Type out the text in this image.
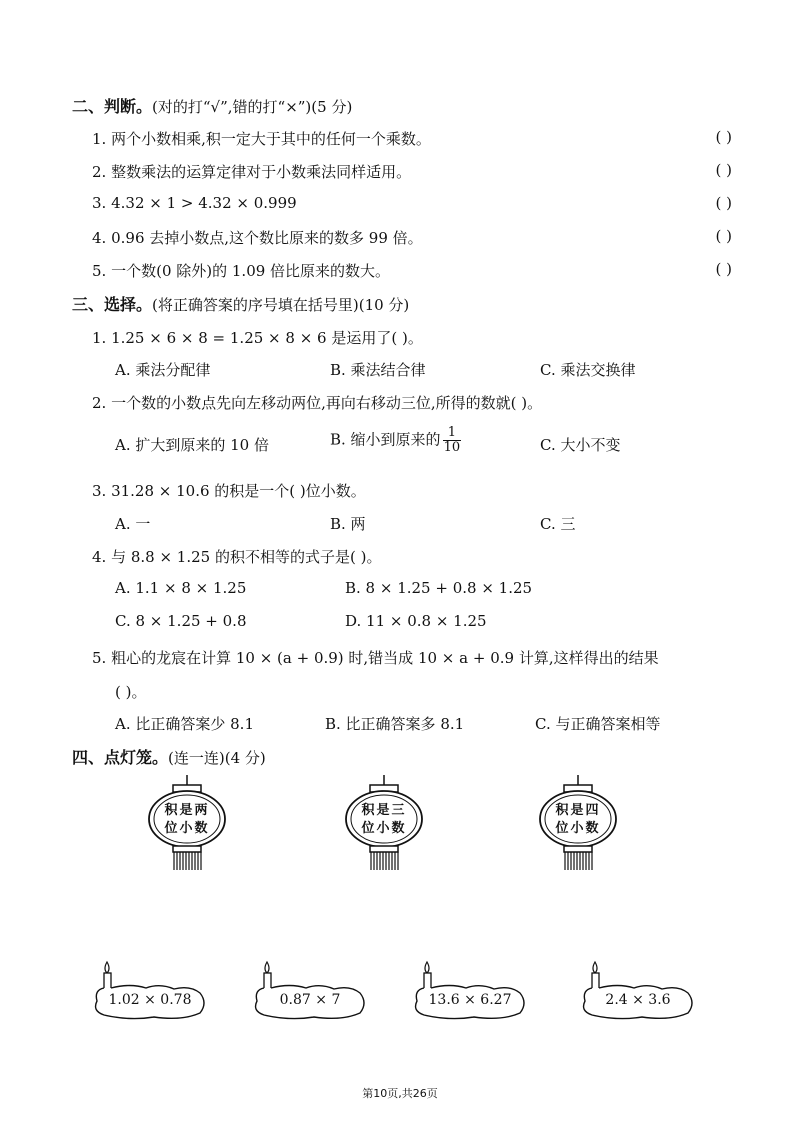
二、判断。(对的打“√”,错的打“×”)(5 分)
1. 两个小数相乘,积一定大于其中的任何一个乘数。	( )
2. 整数乘法的运算定律对于小数乘法同样适用。	( )
3. 4.32 × 1 > 4.32 × 0.999	( )
4. 0.96 去掉小数点,这个数比原来的数多 99 倍。	( )
5. 一个数(0 除外)的 1.09 倍比原来的数大。	( )
三、选择。(将正确答案的序号填在括号里)(10 分)
1. 1.25 × 6 × 8 = 1.25 × 8 × 6 是运用了( )。
A. 乘法分配律	B. 乘法结合律	C. 乘法交换律
2. 一个数的小数点先向左移动两位,再向右移动三位,所得的数就( )。
A. 扩大到原来的 10 倍	B. 缩小到原来的 $\frac{1}{10}$	C. 大小不变
3. 31.28 × 10.6 的积是一个( )位小数。
A. 一	B. 两	C. 三
4. 与 8.8 × 1.25 的积不相等的式子是( )。
A. 1.1 × 8 × 1.25	B. 8 × 1.25 + 0.8 × 1.25
C. 8 × 1.25 + 0.8	D. 11 × 0.8 × 1.25
5. 粗心的龙宸在计算 10 × (a + 0.9) 时,错当成 10 × a + 0.9 计算,这样得出的结果
( )。
A. 比正确答案少 8.1	B. 比正确答案多 8.1	C. 与正确答案相等
四、点灯笼。(连一连)(4 分)
积是两
位小数
积是三
位小数
积是四
位小数
1.02 × 0.78	0.87 × 7	13.6 × 6.27	2.4 × 3.6
第10页,共26页
